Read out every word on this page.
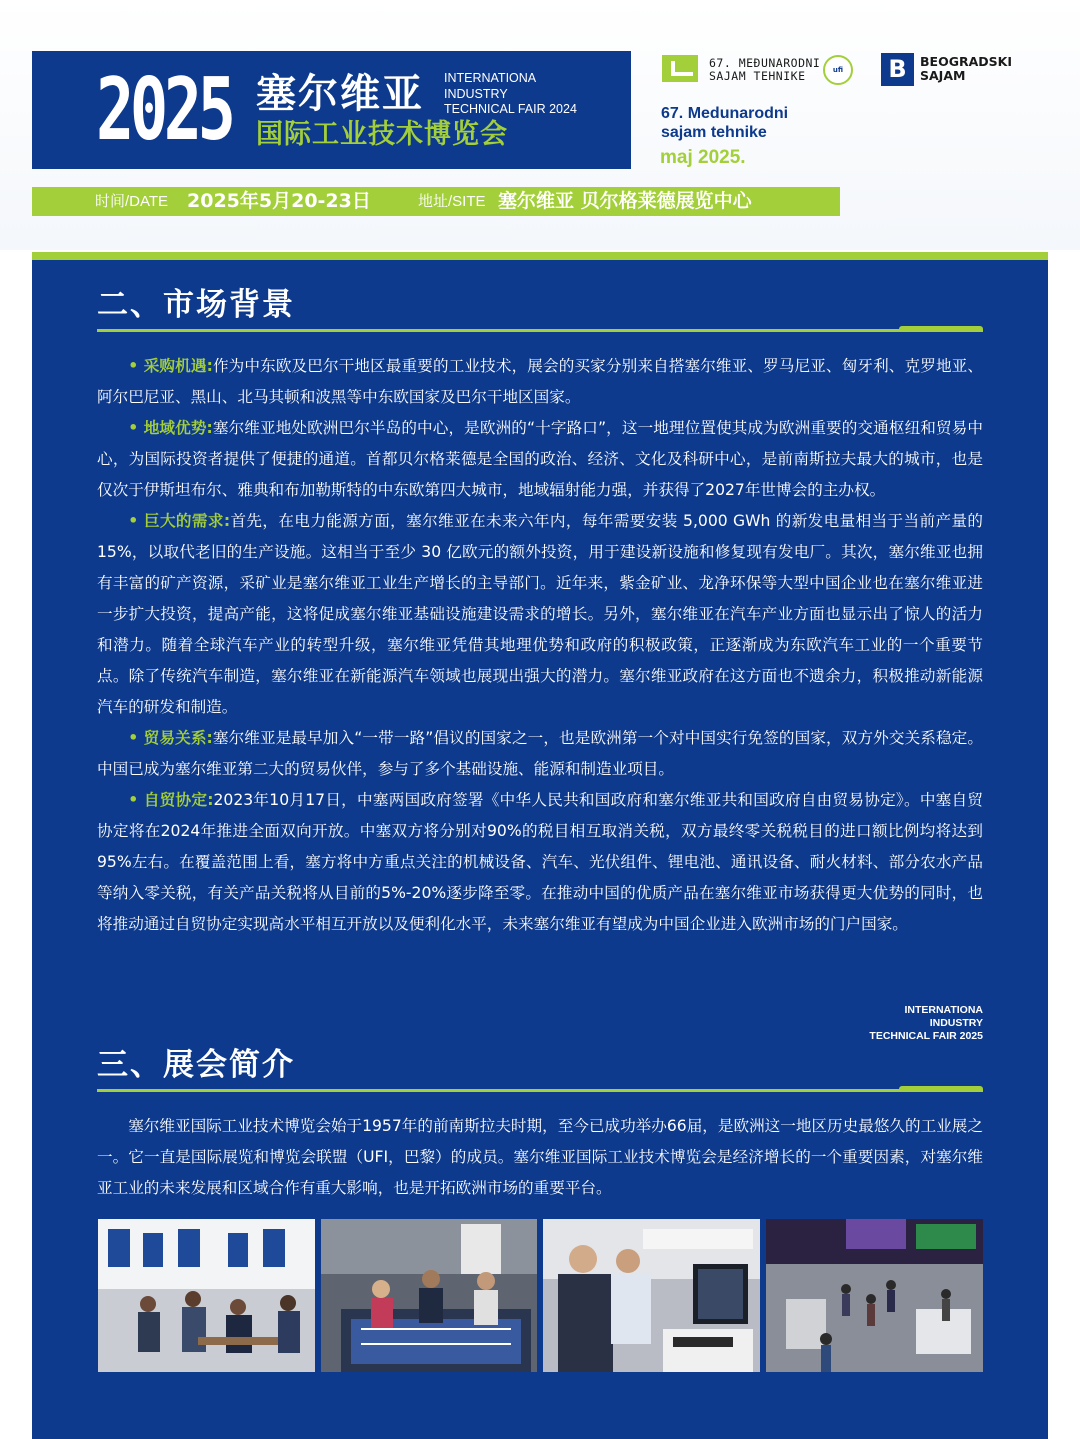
2025 塞尔维亚
国际工业技术博览会
INTERNATIONA
INDUSTRY
TECHNICAL FAIR 2024
67. MEĐUNARODNI
SAJAM TEHNIKE	ufi	B	BEOGRADSKI
SAJAM
67. Medunarodni
sajam tehnike
maj 2025.
时间/DATE 2025年5月20-23日	地址/SITE 塞尔维亚 贝尔格莱德展览中心
二、市场背景

• 采购机遇:作为中东欧及巴尔干地区最重要的工业技术，展会的买家分别来自搭塞尔维亚、罗马尼亚、匈牙利、克罗地亚、阿尔巴尼亚、黑山、北马其顿和波黑等中东欧国家及巴尔干地区国家。

• 地域优势:塞尔维亚地处欧洲巴尔半岛的中心，是欧洲的“十字路口”，这一地理位置使其成为欧洲重要的交通枢纽和贸易中心，为国际投资者提供了便捷的通道。首都贝尔格莱德是全国的政治、经济、文化及科研中心，是前南斯拉夫最大的城市，也是仅次于伊斯坦布尔、雅典和布加勒斯特的中东欧第四大城市，地域辐射能力强，并获得了2027年世博会的主办权。

• 巨大的需求:首先，在电力能源方面，塞尔维亚在未来六年内，每年需要安装 5,000 GWh 的新发电量相当于当前产量的 15%，以取代老旧的生产设施。这相当于至少 30 亿欧元的额外投资，用于建设新设施和修复现有发电厂。其次，塞尔维亚也拥有丰富的矿产资源，采矿业是塞尔维亚工业生产增长的主导部门。近年来，紫金矿业、龙净环保等大型中国企业也在塞尔维亚进一步扩大投资，提高产能，这将促成塞尔维亚基础设施建设需求的增长。另外，塞尔维亚在汽车产业方面也显示出了惊人的活力和潜力。随着全球汽车产业的转型升级，塞尔维亚凭借其地理优势和政府的积极政策，正逐渐成为东欧汽车工业的一个重要节点。除了传统汽车制造，塞尔维亚在新能源汽车领域也展现出强大的潜力。塞尔维亚政府在这方面也不遗余力，积极推动新能源汽车的研发和制造。

• 贸易关系:塞尔维亚是最早加入“一带一路”倡议的国家之一，也是欧洲第一个对中国实行免签的国家，双方外交关系稳定。中国已成为塞尔维亚第二大的贸易伙伴，参与了多个基础设施、能源和制造业项目。

• 自贸协定:2023年10月17日，中塞两国政府签署《中华人民共和国政府和塞尔维亚共和国政府自由贸易协定》。中塞自贸协定将在2024年推进全面双向开放。中塞双方将分别对90%的税目相互取消关税，双方最终零关税税目的进口额比例均将达到95%左右。在覆盖范围上看，塞方将中方重点关注的机械设备、汽车、光伏组件、锂电池、通讯设备、耐火材料、部分农水产品等纳入零关税，有关产品关税将从目前的5%-20%逐步降至零。在推动中国的优质产品在塞尔维亚市场获得更大优势的同时，也将推动通过自贸协定实现高水平相互开放以及便利化水平，未来塞尔维亚有望成为中国企业进入欧洲市场的门户国家。

INTERNATIONA
INDUSTRY
TECHNICAL FAIR 2025
三、展会简介
塞尔维亚国际工业技术博览会始于1957年的前南斯拉夫时期，至今已成功举办66届，是欧洲这一地区历史最悠久的工业展之一。它一直是国际展览和博览会联盟（UFI，巴黎）的成员。塞尔维亚国际工业技术博览会是经济增长的一个重要因素，对塞尔维亚工业的未来发展和区域合作有重大影响，也是开拓欧洲市场的重要平台。
